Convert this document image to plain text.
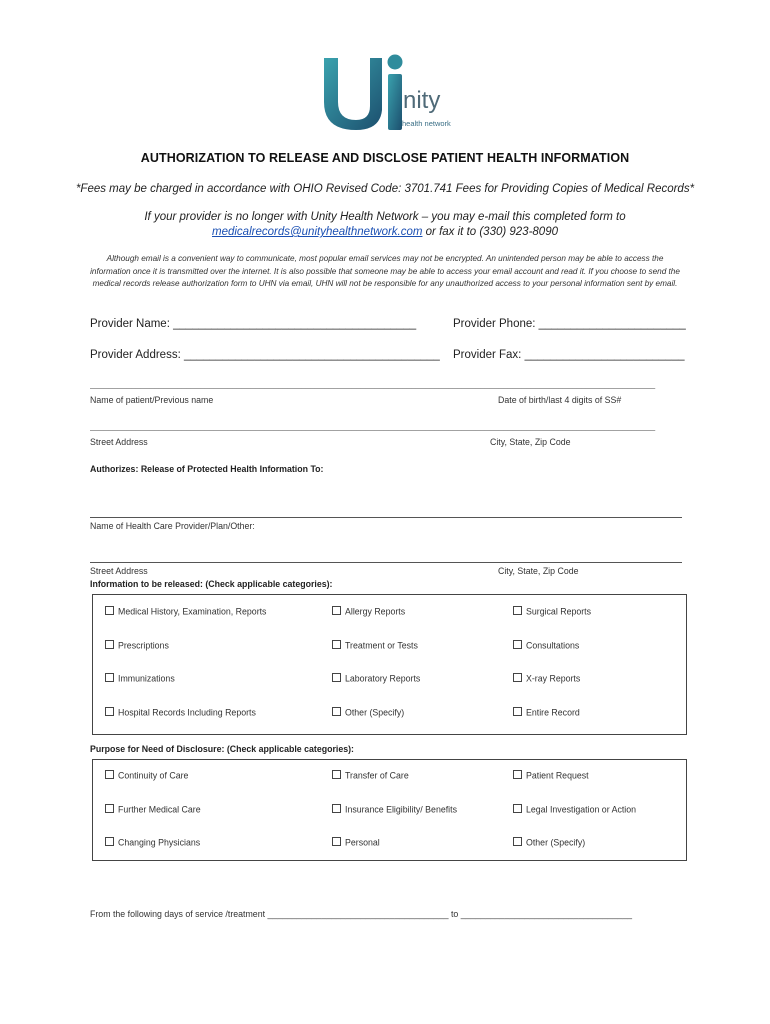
nity
health network
AUTHORIZATION TO RELEASE AND DISCLOSE PATIENT HEALTH INFORMATION
*Fees may be charged in accordance with OHIO Revised Code: 3701.741 Fees for Providing Copies of Medical Records*
If your provider is no longer with Unity Health Network – you may e-mail this completed form to
medicalrecords@unityhealthnetwork.com or fax it to (330) 923-8090
Although email is a convenient way to communicate, most popular email services may not be encrypted. An unintended person may be able to access the information once it is transmitted over the internet. It is also possible that someone may be able to access your email account and read it. If you choose to send the medical records release authorization form to UHN via email, UHN will not be responsible for any unauthorized access to your personal information sent by email.
Provider Name: ______________________________________	Provider Phone: _______________________
Provider Address: ________________________________________ Provider Fax: _________________________
___________________________________________________________________________________________________________________________
Name of patient/Previous name	Date of birth/last 4 digits of SS#
___________________________________________________________________________________________________________________________
Street Address	City, State, Zip Code
Authorizes: Release of Protected Health Information To:
Name of Health Care Provider/Plan/Other:
Street Address	City, State, Zip Code
Information to be released: (Check applicable categories):
Medical History, Examination, Reports	Allergy Reports	Surgical Reports
Prescriptions	Treatment or Tests	Consultations
Immunizations	Laboratory Reports	X-ray Reports
Hospital Records Including Reports	Other (Specify)	Entire Record
Purpose for Need of Disclosure: (Check applicable categories):
Continuity of Care	Transfer of Care	Patient Request
Further Medical Care	Insurance Eligibility/ Benefits	Legal Investigation or Action
Changing Physicians	Personal	Other (Specify)
From the following days of service /treatment _____________________________________ to ___________________________________
